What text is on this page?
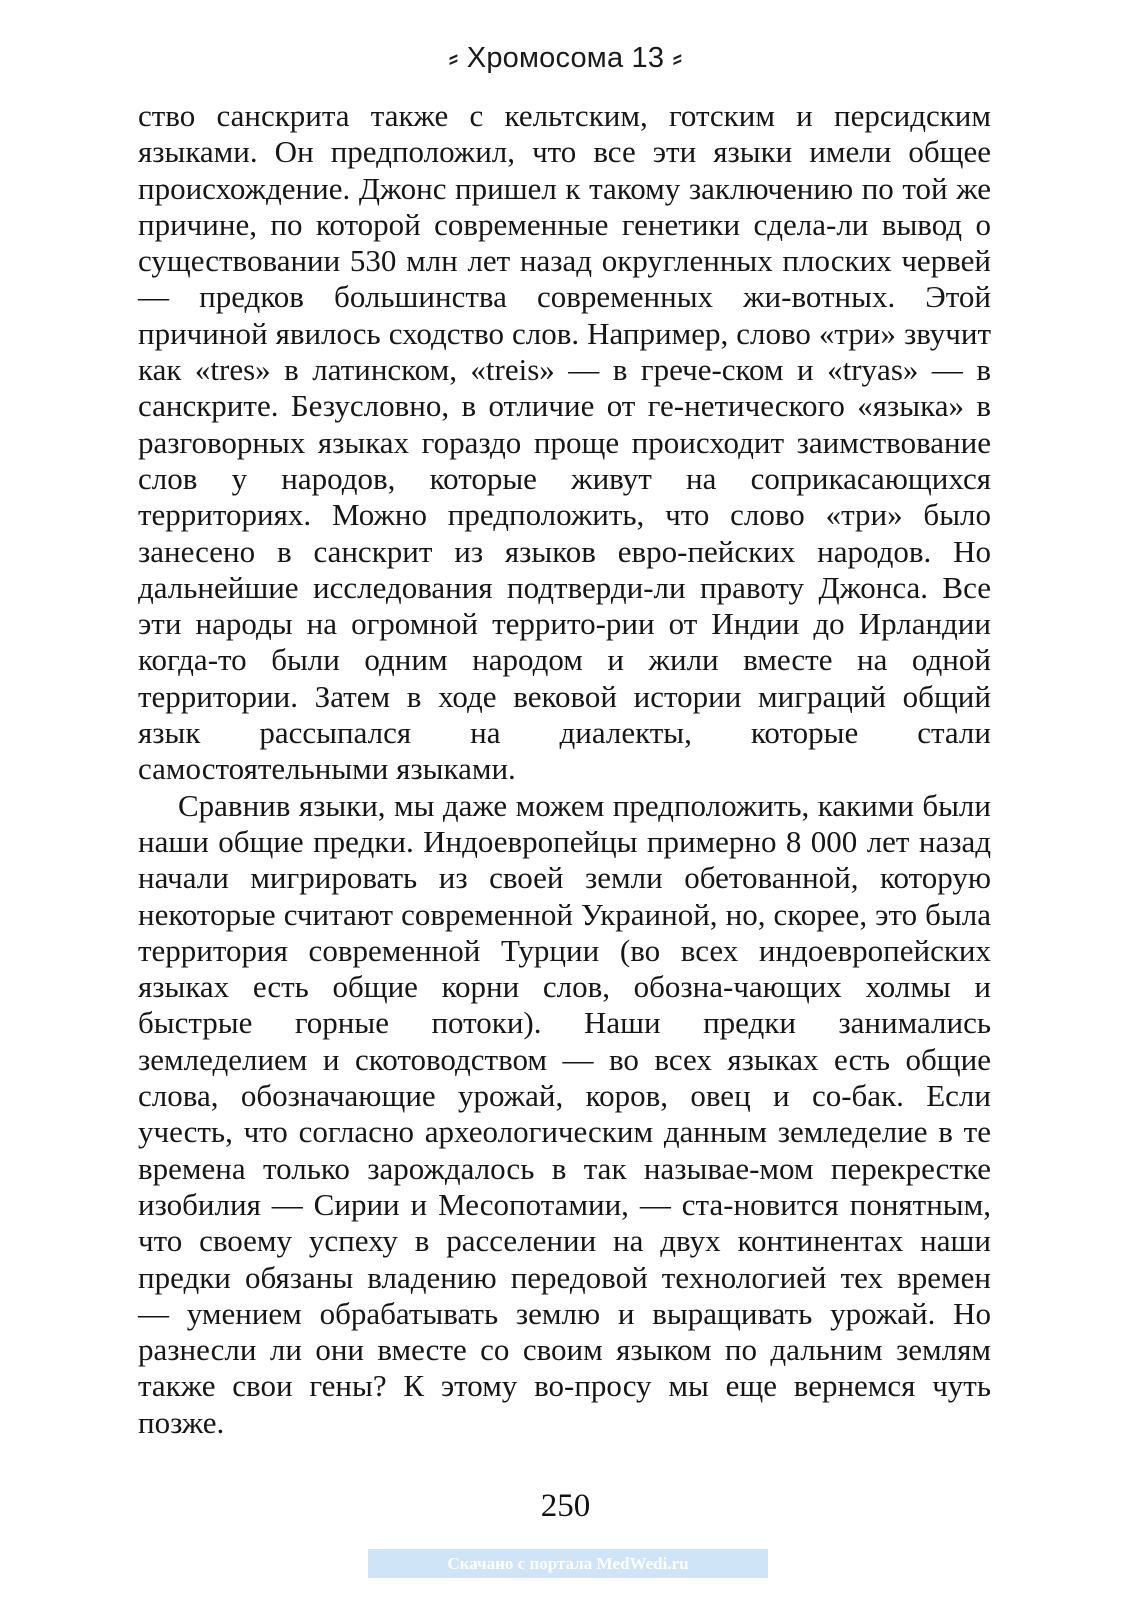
⸗ Хромосома 13 ⸗

ство санскрита также с кельтским, готским и персидским языками. Он предположил, что все эти языки имели общее происхождение. Джонс пришел к такому заключению по той же причине, по которой современные генетики сдела-ли вывод о существовании 530 млн лет назад округленных плоских червей — предков большинства современных жи-вотных. Этой причиной явилось сходство слов. Например, слово «три» звучит как «tres» в латинском, «treis» — в грече-ском и «tryas» — в санскрите. Безусловно, в отличие от ге-нетического «языка» в разговорных языках гораздо проще происходит заимствование слов у народов, которые живут на соприкасающихся территориях. Можно предположить, что слово «три» было занесено в санскрит из языков евро-пейских народов. Но дальнейшие исследования подтверди-ли правоту Джонса. Все эти народы на огромной террито-рии от Индии до Ирландии когда-то были одним народом и жили вместе на одной территории. Затем в ходе вековой истории миграций общий язык рассыпался на диалекты, которые стали самостоятельными языками.

Сравнив языки, мы даже можем предположить, какими были наши общие предки. Индоевропейцы примерно 8 000 лет назад начали мигрировать из своей земли обетованной, которую некоторые считают современной Украиной, но, скорее, это была территория современной Турции (во всех индоевропейских языках есть общие корни слов, обозна-чающих холмы и быстрые горные потоки). Наши предки занимались земледелием и скотоводством — во всех языках есть общие слова, обозначающие урожай, коров, овец и со-бак. Если учесть, что согласно археологическим данным земледелие в те времена только зарождалось в так называе-мом перекрестке изобилия — Сирии и Месопотамии, — ста-новится понятным, что своему успеху в расселении на двух континентах наши предки обязаны владению передовой технологией тех времен — умением обрабатывать землю и выращивать урожай. Но разнесли ли они вместе со своим языком по дальним землям также свои гены? К этому во-просу мы еще вернемся чуть позже.

250
Скачано с портала MedWedi.ru
